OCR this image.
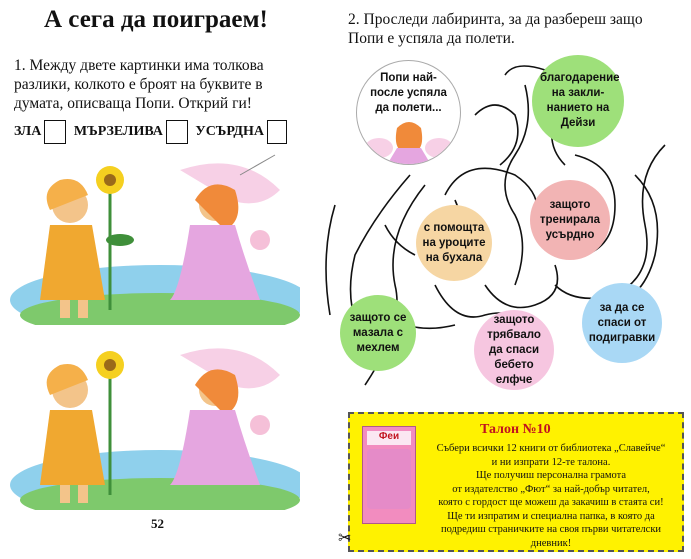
А сега да поиграем!
1. Между двете картинки има толкова разлики, колкото е броят на буквите в думата, описваща Попи. Открий ги!
ЗЛА МЪРЗЕЛИВА УСЪРДНА
52
2. Проследи лабиринта, за да разбереш защо Попи е успяла да полети.
Попи най-после успяла да полети...
благодарение на закли-нанието на Дейзи
защото тренирала усърдно
с помощта на уроците на бухала
защото се мазала с мехлем
защото трябвало да спаси бебето елфче
за да се спаси от подигравки
Феи	Талон №10
Събери всички 12 книги от библиотека „Славейче“
и ни изпрати 12-те талона.
Ще получиш персонална грамота
от издателство „Фют“ за най-добър читател,
която с гордост ще можеш да закачиш в стаята си!
Ще ти изпратим и специална папка, в която да
подредиш страничките на своя първи читателски дневник!
✂
